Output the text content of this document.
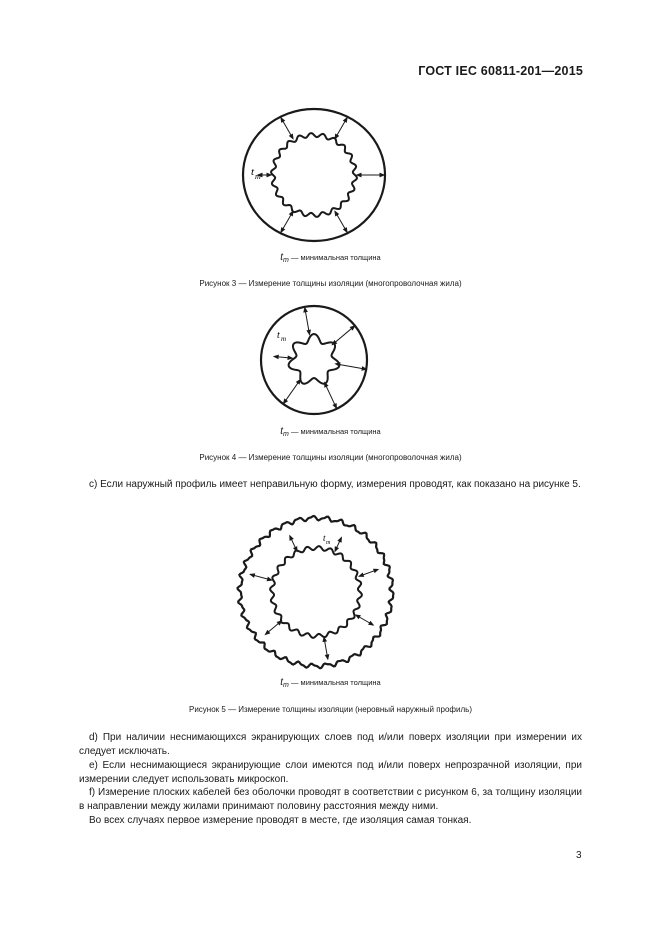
ГОСТ IEC 60811-201—2015
t m
tm — минимальная толщина
Рисунок 3 — Измерение толщины изоляции (многопроволочная жила)
t m
tm — минимальная толщина
Рисунок 4 — Измерение толщины изоляции (многопроволочная жила)
c) Если наружный профиль имеет неправильную форму, измерения проводят, как показано на рисунке 5.
t m
tm — минимальная толщина
Рисунок 5 — Измерение толщины изоляции (неровный наружный профиль)
d) При наличии неснимающихся экранирующих слоев под и/или поверх изоляции при измерении их следует исключать.
e) Если неснимающиеся экранирующие слои имеются под и/или поверх непрозрачной изоляции, при измерении следует использовать микроскоп.
f) Измерение плоских кабелей без оболочки проводят в соответствии с рисунком 6, за толщину изоляции в направлении между жилами принимают половину расстояния между ними.
Во всех случаях первое измерение проводят в месте, где изоляция самая тонкая.
3
